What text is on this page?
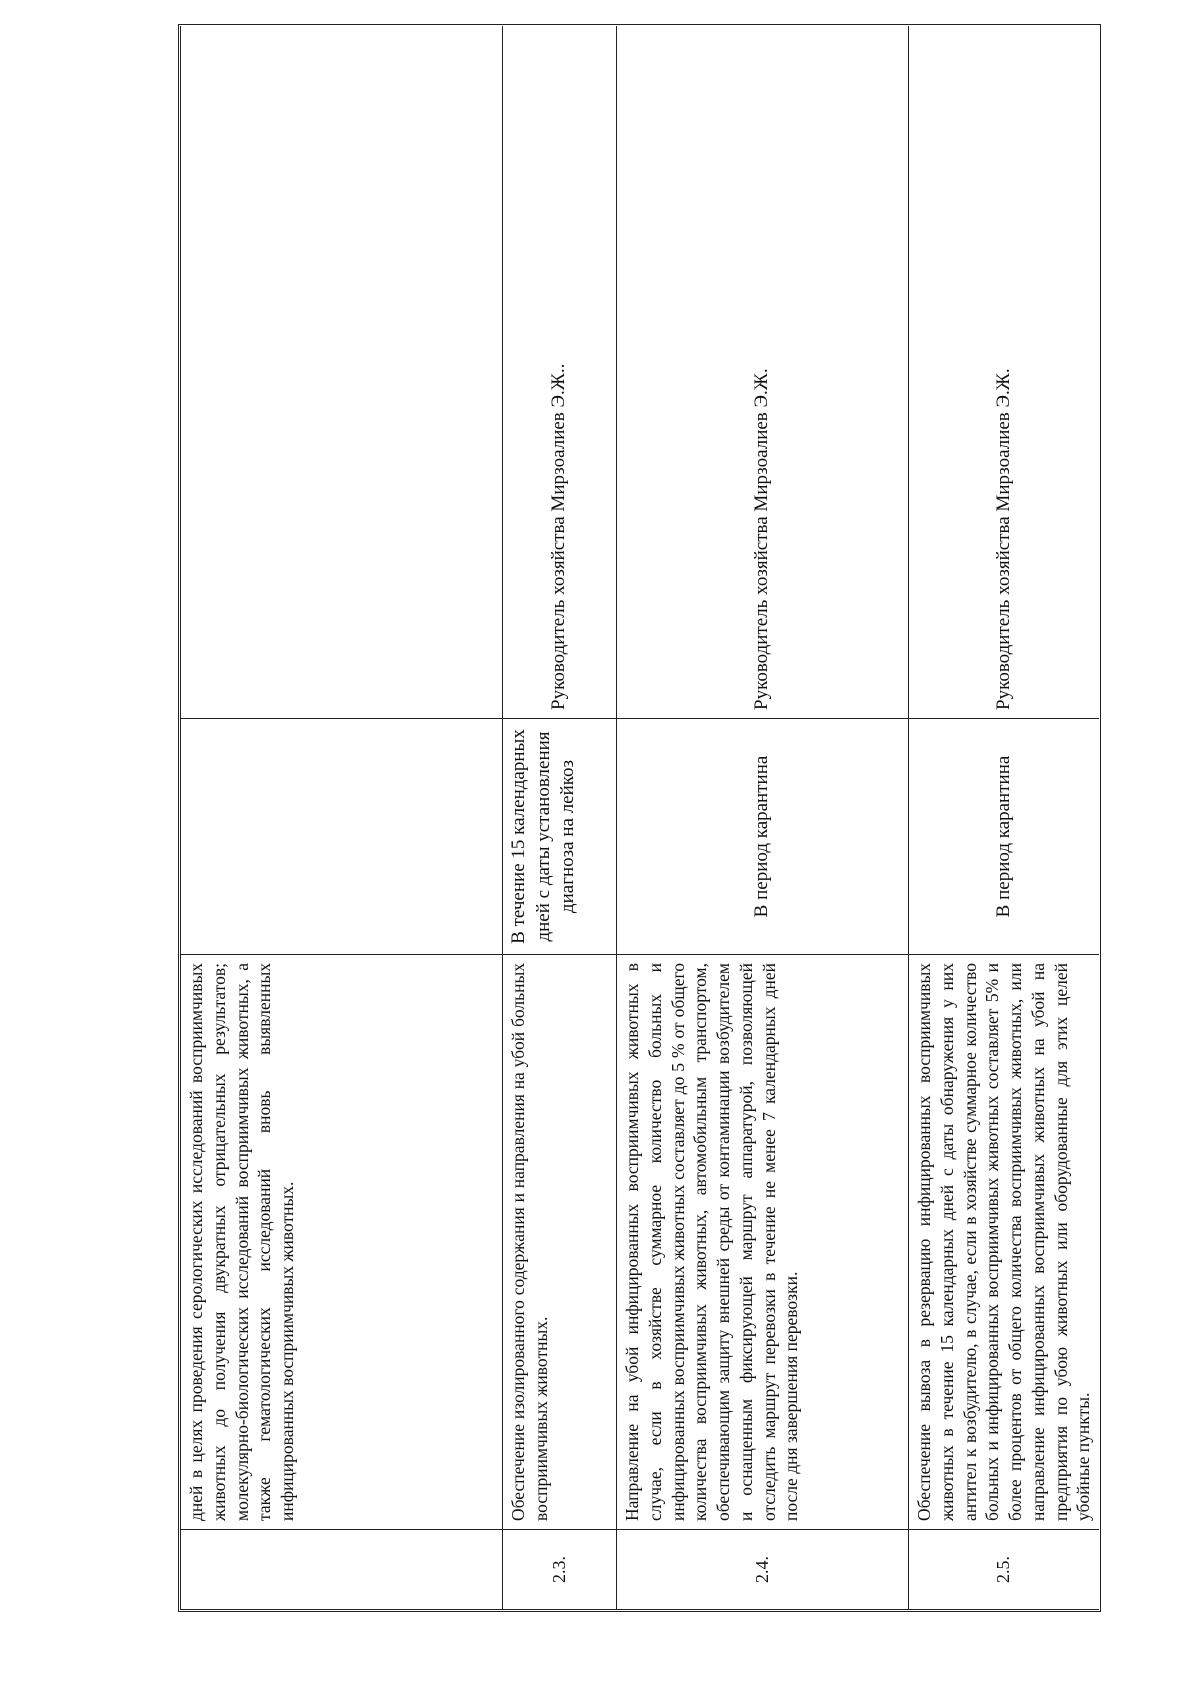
	дней в целях проведения серологических исследований восприимчивых животных до получения двукратных отрицательных результатов; молекулярно-биологических исследований восприимчивых животных, а также гематологических исследований вновь выявленных инфицированных восприимчивых животных.		
2.3.	Обеспечение изолированного содержания и направления на убой больных восприимчивых животных.	В течение 15 календарных дней с даты установления диагноза на лейкоз	Руководитель хозяйства Мирзоалиев Э.Ж..
2.4.	Направление на убой инфицированных восприимчивых животных в случае, если в хозяйстве суммарное количество больных и инфицированных восприимчивых животных составляет до 5 % от общего количества восприимчивых животных, автомобильным транспортом, обеспечивающим защиту внешней среды от контаминации возбудителем и оснащенным фиксирующей маршрут аппаратурой, позволяющей отследить маршрут перевозки в течение не менее 7 календарных дней после дня завершения перевозки.	В период карантина	Руководитель хозяйства Мирзоалиев Э.Ж.
2.5.	Обеспечение вывоза в резервацию инфицированных восприимчивых животных в течение 15 календарных дней с даты обнаружения у них антител к возбудителю, в случае, если в хозяйстве суммарное количество больных и инфицированных восприимчивых животных составляет 5% и более процентов от общего количества восприимчивых животных, или направление инфицированных восприимчивых животных на убой на предприятия по убою животных или оборудованные для этих целей убойные пункты.	В период карантина	Руководитель хозяйства Мирзоалиев Э.Ж.
